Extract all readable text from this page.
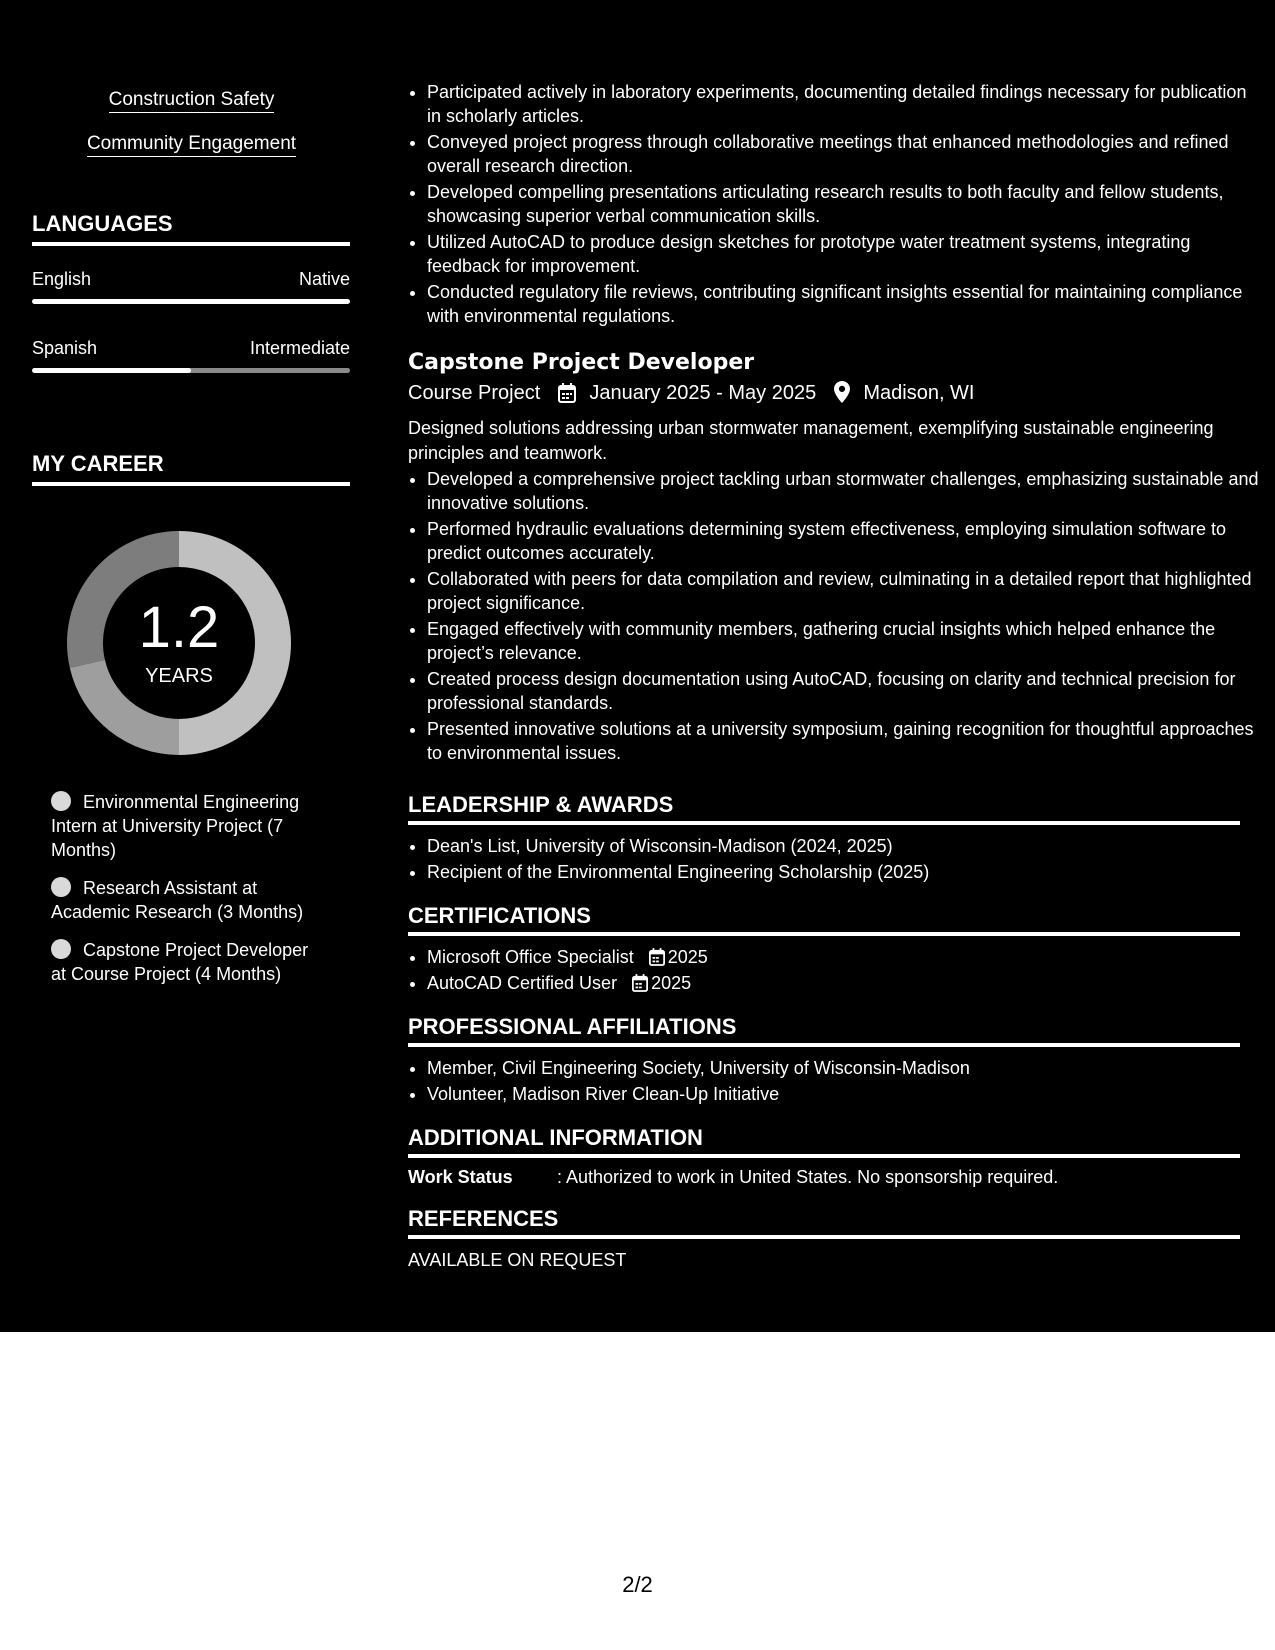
Construction Safety
Community Engagement
LANGUAGES
English	Native
Spanish	Intermediate
MY CAREER
1.2
YEARS
Environmental Engineering Intern at University Project (7 Months)
Research Assistant at Academic Research (3 Months)
Capstone Project Developer at Course Project (4 Months)
• Participated actively in laboratory experiments, documenting detailed findings necessary for publication in scholarly articles.
• Conveyed project progress through collaborative meetings that enhanced methodologies and refined overall research direction.
• Developed compelling presentations articulating research results to both faculty and fellow students, showcasing superior verbal communication skills.
• Utilized AutoCAD to produce design sketches for prototype water treatment systems, integrating feedback for improvement.
• Conducted regulatory file reviews, contributing significant insights essential for maintaining compliance with environmental regulations.
Capstone Project Developer
Course Project January 2025 - May 2025 Madison, WI
Designed solutions addressing urban stormwater management, exemplifying sustainable engineering principles and teamwork.
• Developed a comprehensive project tackling urban stormwater challenges, emphasizing sustainable and innovative solutions.
• Performed hydraulic evaluations determining system effectiveness, employing simulation software to predict outcomes accurately.
• Collaborated with peers for data compilation and review, culminating in a detailed report that highlighted project significance.
• Engaged effectively with community members, gathering crucial insights which helped enhance the project’s relevance.
• Created process design documentation using AutoCAD, focusing on clarity and technical precision for professional standards.
• Presented innovative solutions at a university symposium, gaining recognition for thoughtful approaches to environmental issues.
LEADERSHIP & AWARDS
• Dean's List, University of Wisconsin-Madison (2024, 2025)
• Recipient of the Environmental Engineering Scholarship (2025)
CERTIFICATIONS
• Microsoft Office Specialist 2025
• AutoCAD Certified User 2025
PROFESSIONAL AFFILIATIONS
• Member, Civil Engineering Society, University of Wisconsin-Madison
• Volunteer, Madison River Clean-Up Initiative
ADDITIONAL INFORMATION
Work Status : Authorized to work in United States. No sponsorship required.
REFERENCES
AVAILABLE ON REQUEST
2/2
